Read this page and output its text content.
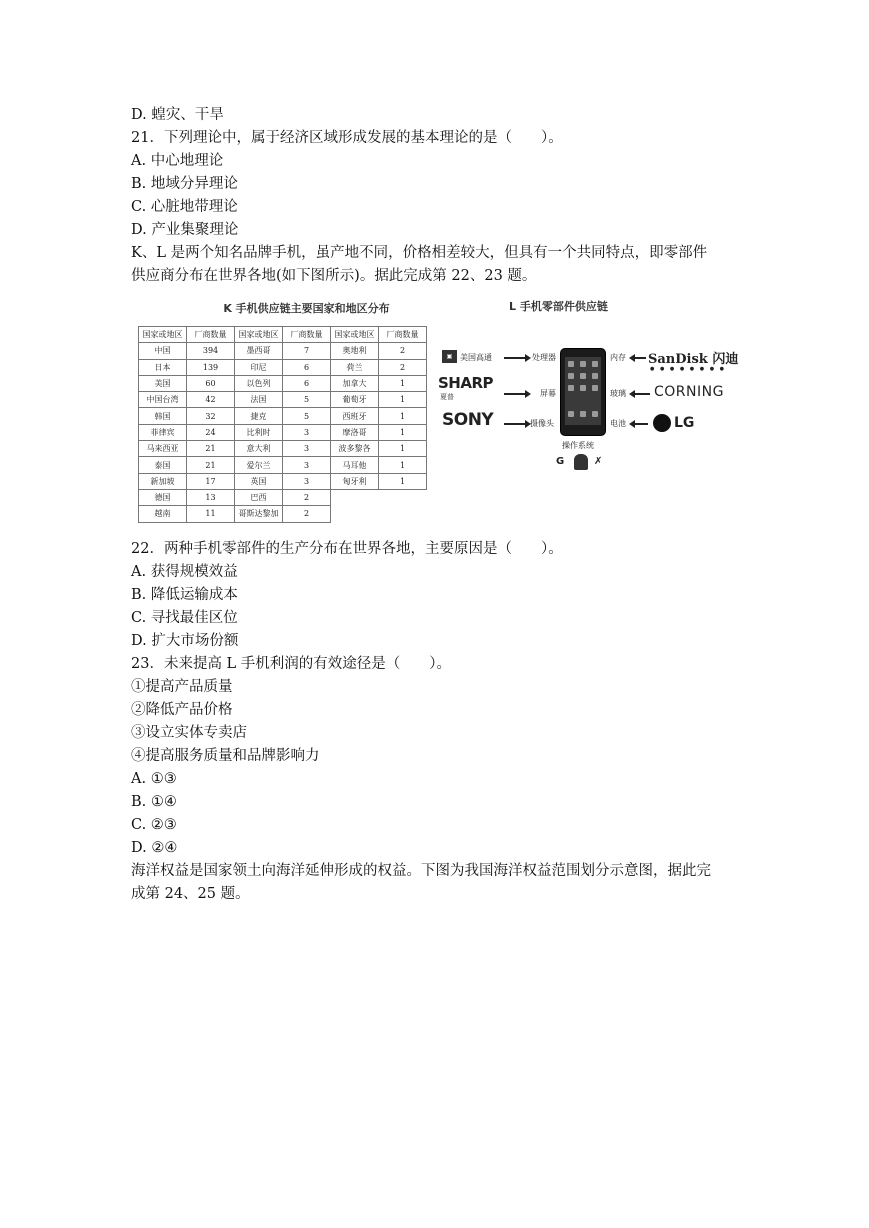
D. 蝗灾、干旱
21．下列理论中，属于经济区域形成发展的基本理论的是（　　）。
A. 中心地理论
B. 地域分异理论
C. 心脏地带理论
D. 产业集聚理论
K、L 是两个知名品牌手机，虽产地不同，价格相差较大，但具有一个共同特点，即零部件
供应商分布在世界各地(如下图所示)。据此完成第 22、23 题。
K 手机供应链主要国家和地区分布	L 手机零部件供应链
国家或地区	厂商数量	国家或地区	厂商数量	国家或地区	厂商数量
中国	394	墨西哥	7	奥地利	2
日本	139	印尼	6	荷兰	2
美国	60	以色列	6	加拿大	1
中国台湾	42	法国	5	葡萄牙	1
韩国	32	捷克	5	西班牙	1
菲律宾	24	比利时	3	摩洛哥	1
马来西亚	21	意大利	3	波多黎各	1
泰国	21	爱尔兰	3	马耳他	1
新加坡	17	英国	3	匈牙利	1
德国	13	巴西	2		
越南	11	哥斯达黎加	2		
▣ 美国高通	处理器
SHARP
夏普	屏幕
SONY	摄像头
内存 SanDisk 闪迪
● ● ● ● ● ● ● ●
玻璃 CORNING
电池	LG
操作系统
G	✗
22．两种手机零部件的生产分布在世界各地，主要原因是（　　）。
A. 获得规模效益
B. 降低运输成本
C. 寻找最佳区位
D. 扩大市场份额
23．未来提高 L 手机利润的有效途径是（　　）。
①提高产品质量
②降低产品价格
③设立实体专卖店
④提高服务质量和品牌影响力
A. ①③
B. ①④
C. ②③
D. ②④
海洋权益是国家领土向海洋延伸形成的权益。下图为我国海洋权益范围划分示意图，据此完
成第 24、25 题。
